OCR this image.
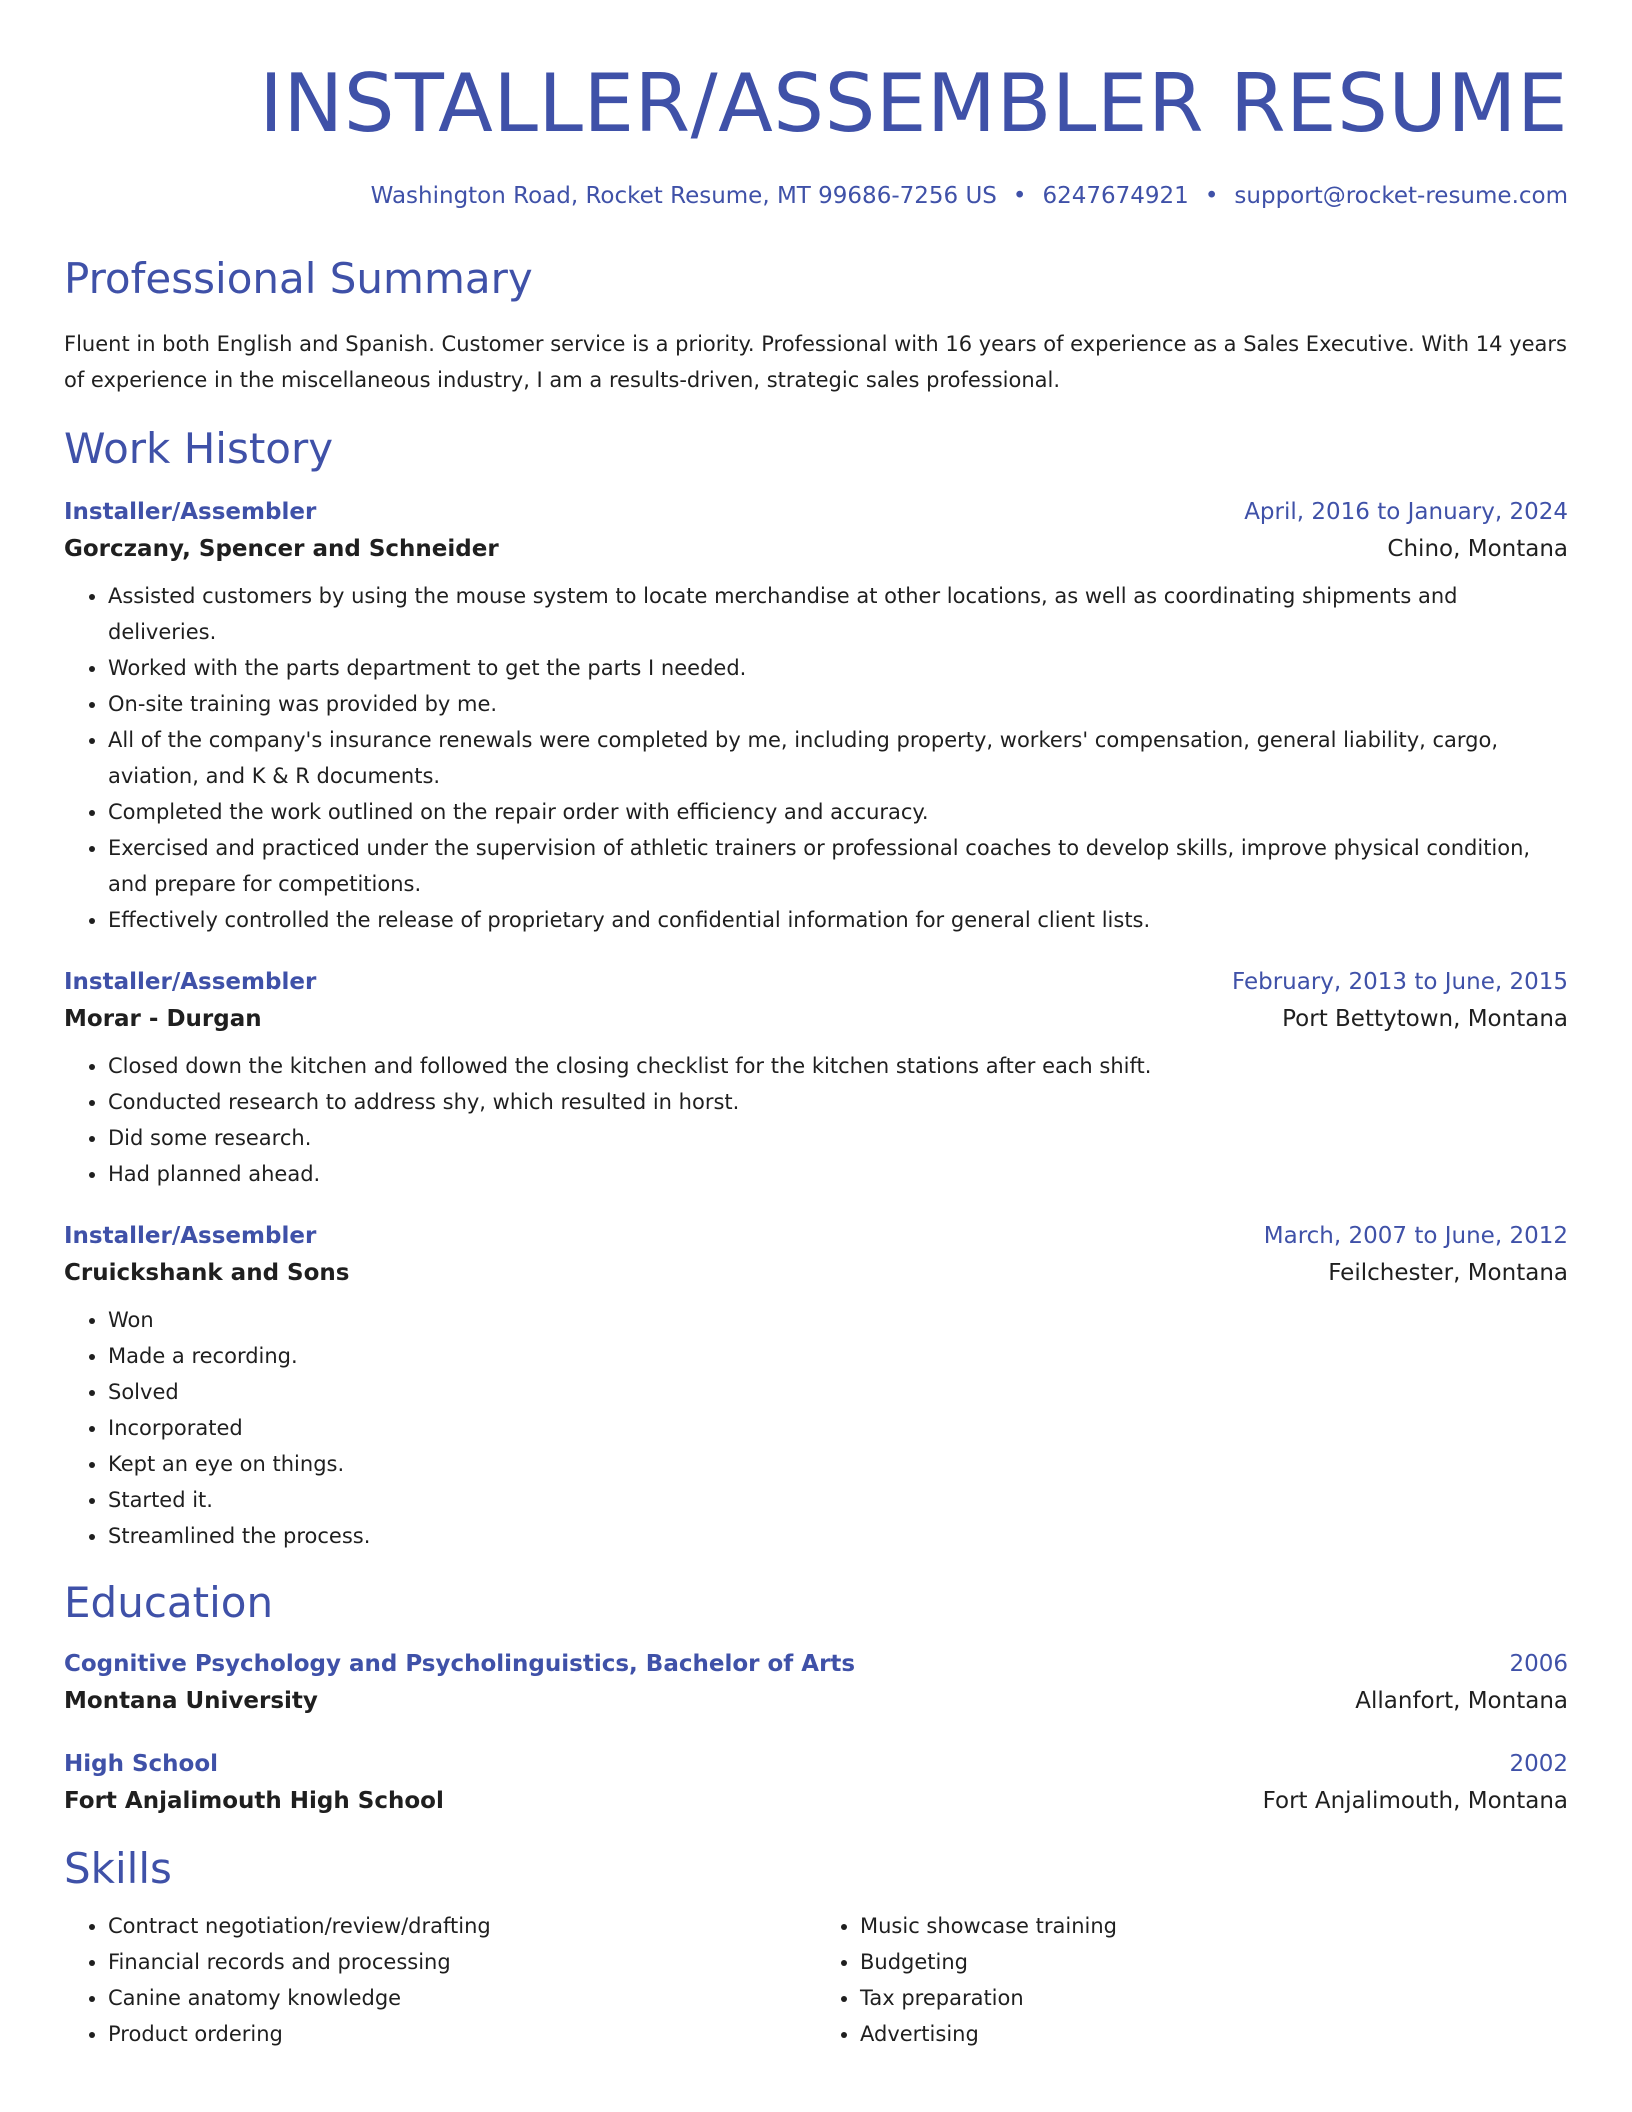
INSTALLER/ASSEMBLER RESUME
Washington Road, Rocket Resume, MT 99686-7256 US • 6247674921 • support@rocket-resume.com
Professional Summary
Fluent in both English and Spanish. Customer service is a priority. Professional with 16 years of experience as a Sales Executive. With 14 years of experience in the miscellaneous industry, I am a results-driven, strategic sales professional.
Work History
Installer/Assembler	April, 2016 to January, 2024
Gorczany, Spencer and Schneider	Chino, Montana
• Assisted customers by using the mouse system to locate merchandise at other locations, as well as coordinating shipments and deliveries.
• Worked with the parts department to get the parts I needed.
• On-site training was provided by me.
• All of the company's insurance renewals were completed by me, including property, workers' compensation, general liability, cargo, aviation, and K & R documents.
• Completed the work outlined on the repair order with efficiency and accuracy.
• Exercised and practiced under the supervision of athletic trainers or professional coaches to develop skills, improve physical condition, and prepare for competitions.
• Effectively controlled the release of proprietary and confidential information for general client lists.
Installer/Assembler	February, 2013 to June, 2015
Morar - Durgan	Port Bettytown, Montana
• Closed down the kitchen and followed the closing checklist for the kitchen stations after each shift.
• Conducted research to address shy, which resulted in horst.
• Did some research.
• Had planned ahead.
Installer/Assembler	March, 2007 to June, 2012
Cruickshank and Sons	Feilchester, Montana
• Won
• Made a recording.
• Solved
• Incorporated
• Kept an eye on things.
• Started it.
• Streamlined the process.
Education
Cognitive Psychology and Psycholinguistics, Bachelor of Arts	2006
Montana University	Allanfort, Montana
High School	2002
Fort Anjalimouth High School	Fort Anjalimouth, Montana
Skills
• Contract negotiation/review/drafting
• Financial records and processing
• Canine anatomy knowledge
• Product ordering
• Music showcase training
• Budgeting
• Tax preparation
• Advertising
